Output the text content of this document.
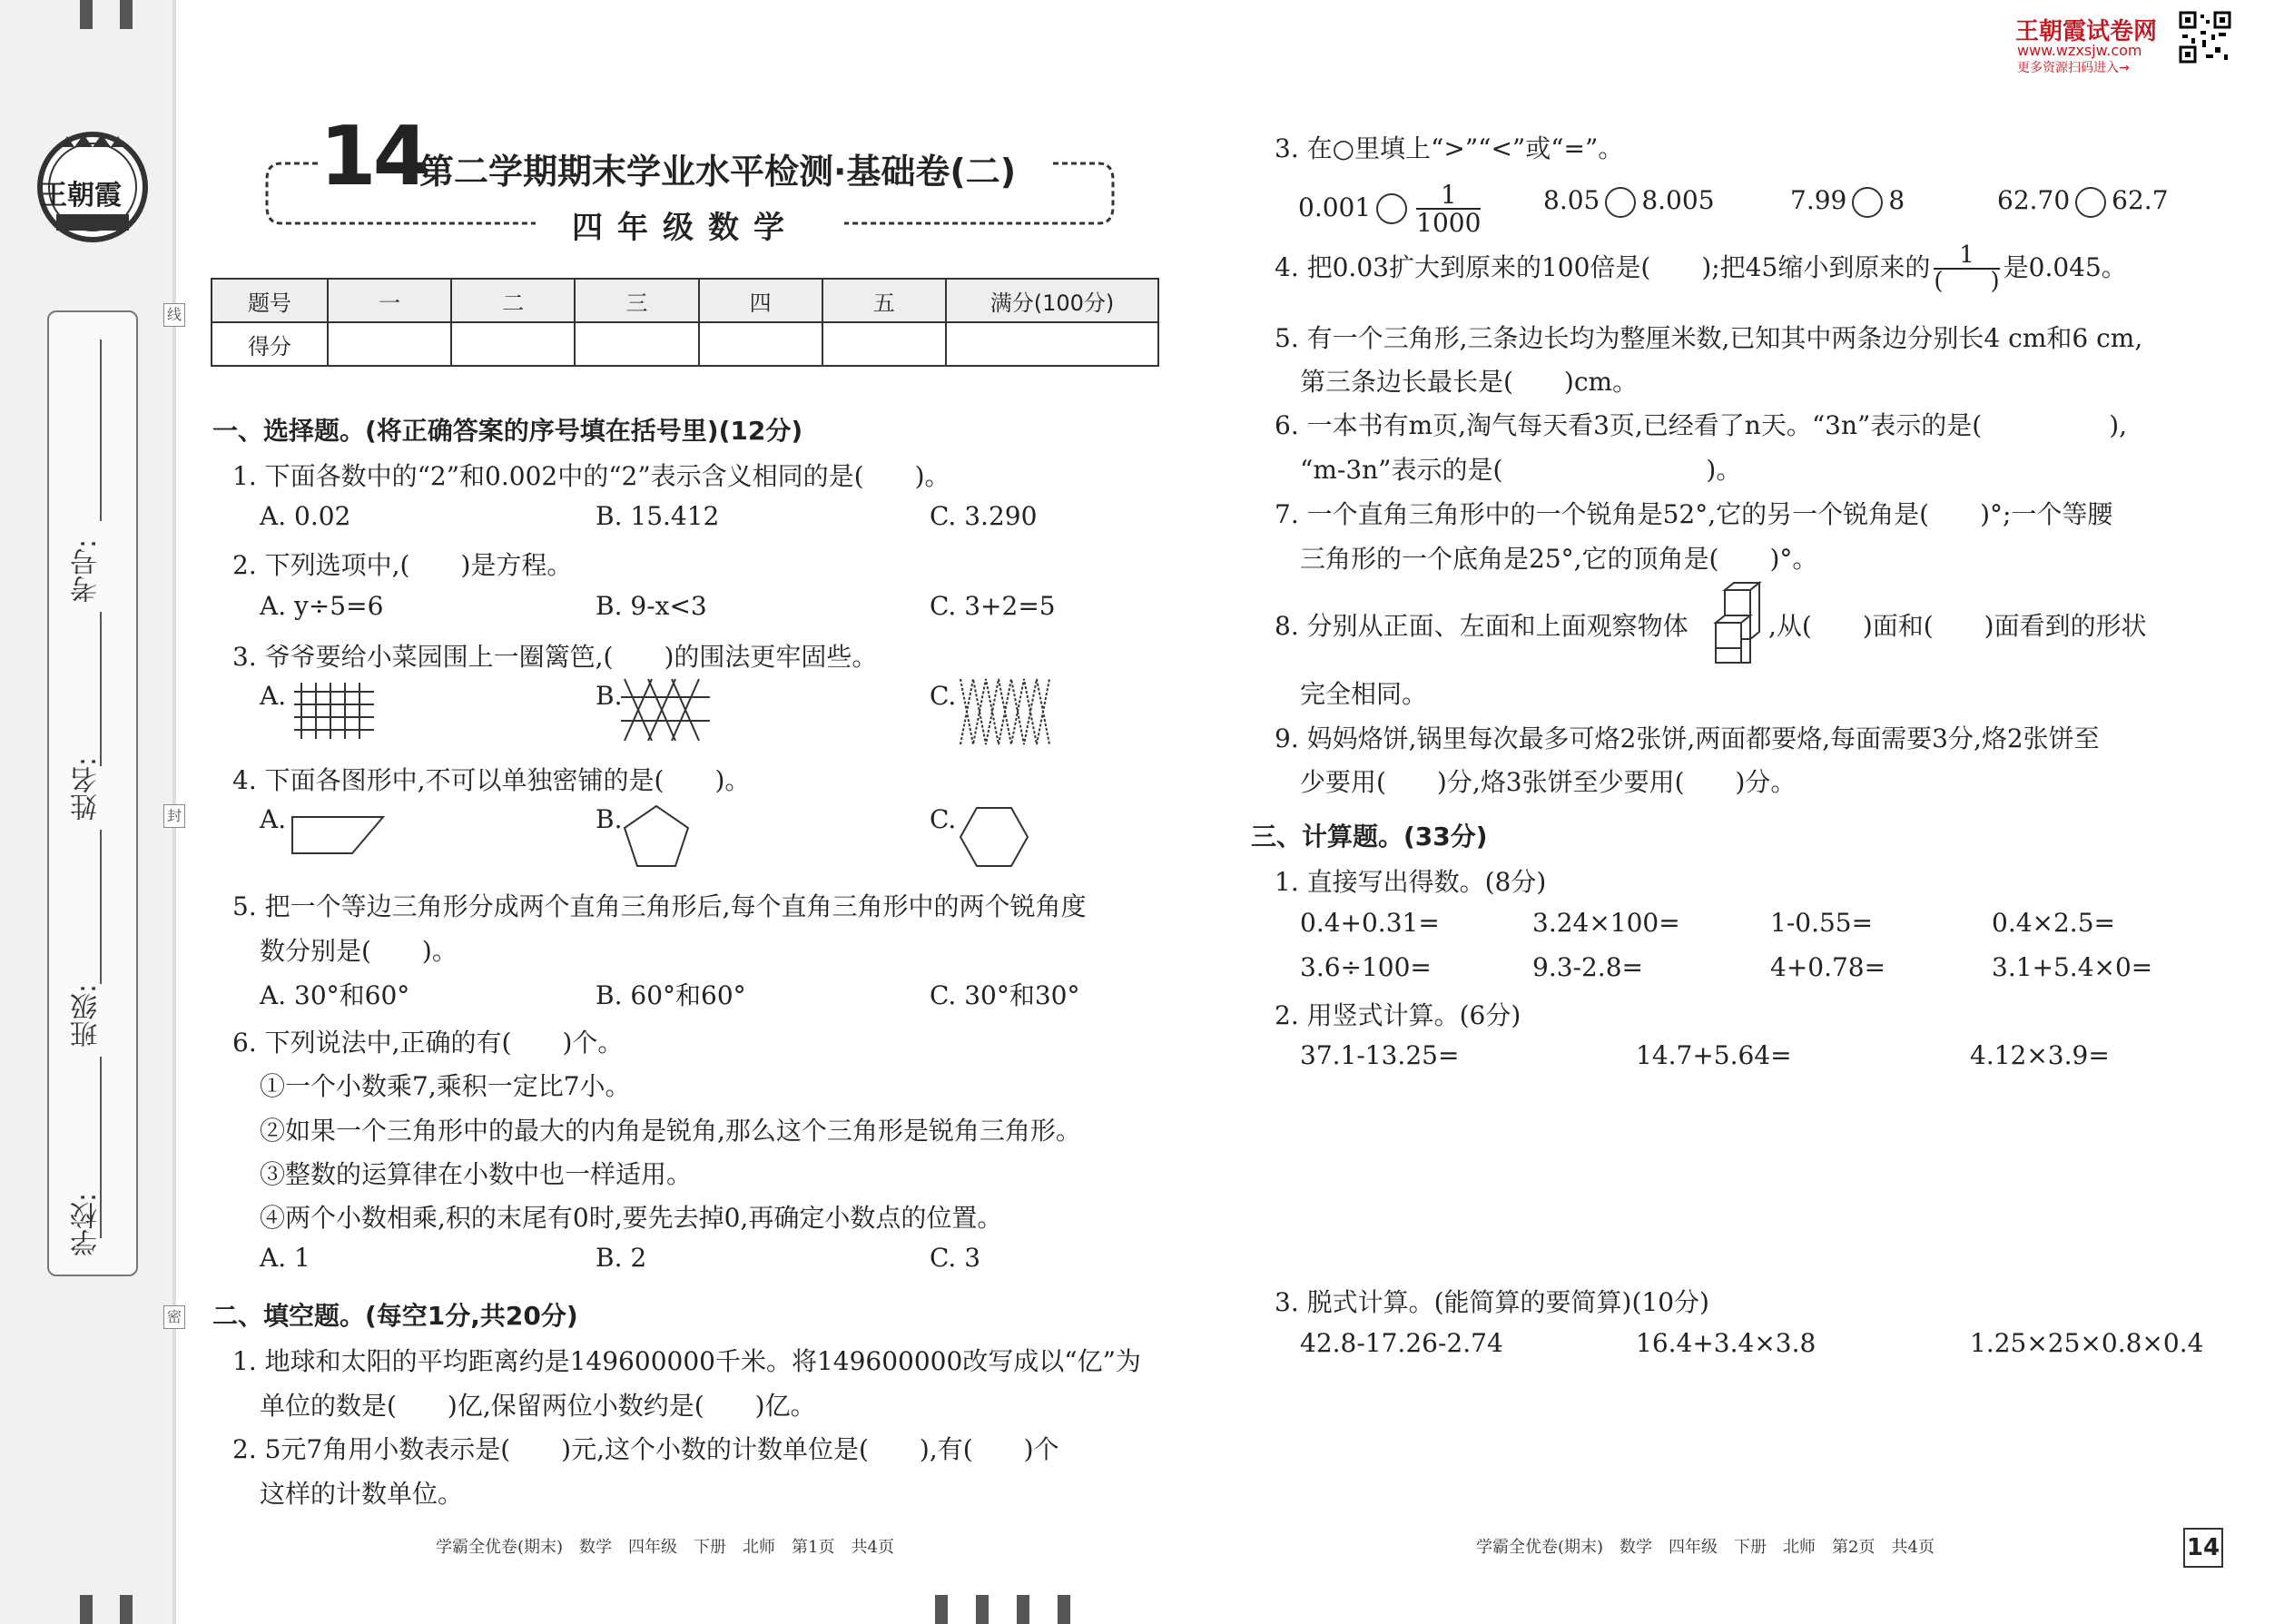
王朝霞
考号:
姓名:
班级:
学校:
线
封
密
14
第二学期期末学业水平检测·基础卷(二)
四年级数学
王朝霞试卷网
www.wzxsjw.com
更多资源扫码进入→
题号	一	二	三	四	五	满分(100分)
得分						
一、选择题。(将正确答案的序号填在括号里)(12分)
1. 下面各数中的“2”和0.002中的“2”表示含义相同的是(　　)。
A. 0.02	B. 15.412	C. 3.290
2. 下列选项中,(　　)是方程。
A. y÷5=6	B. 9-x<3	C. 3+2=5
3. 爷爷要给小菜园围上一圈篱笆,(　　)的围法更牢固些。
A.	B.	C.
4. 下面各图形中,不可以单独密铺的是(　　)。
A.	B.	C.
5. 把一个等边三角形分成两个直角三角形后,每个直角三角形中的两个锐角度
数分别是(　　)。
A. 30°和60°	B. 60°和60°	C. 30°和30°
6. 下列说法中,正确的有(　　)个。
①一个小数乘7,乘积一定比7小。
②如果一个三角形中的最大的内角是锐角,那么这个三角形是锐角三角形。
③整数的运算律在小数中也一样适用。
④两个小数相乘,积的末尾有0时,要先去掉0,再确定小数点的位置。
A. 1	B. 2	C. 3
二、填空题。(每空1分,共20分)
1. 地球和太阳的平均距离约是149600000千米。将149600000改写成以“亿”为
单位的数是(　　)亿,保留两位小数约是(　　)亿。
2. 5元7角用小数表示是(　　)元,这个小数的计数单位是(　　),有(　　)个
这样的计数单位。
学霸全优卷(期末)　数学　四年级　下册　北师　第1页　共4页
3. 在○里填上“>”“<”或“=”。
$0.001 \frac{1}{1000} 8.05$ 8.005	7.99 8	62.70 62.7
4. 把0.03扩大到原来的100倍是(　　);把45缩小到原来的 $\frac{1}{( )}$ 是0.045。
5. 有一个三角形,三条边长均为整厘米数,已知其中两条边分别长4 cm和6 cm,
第三条边长最长是(　　)cm。
6. 一本书有m页,淘气每天看3页,已经看了n天。“3n”表示的是(　　　　　),
“m-3n”表示的是(　　　　　　　　)。
7. 一个直角三角形中的一个锐角是52°,它的另一个锐角是(　　)°;一个等腰
三角形的一个底角是25°,它的顶角是(　　)°。
8. 分别从正面、左面和上面观察物体	,从(　　)面和(　　)面看到的形状
完全相同。
9. 妈妈烙饼,锅里每次最多可烙2张饼,两面都要烙,每面需要3分,烙2张饼至
少要用(　　)分,烙3张饼至少要用(　　)分。
三、计算题。(33分)
1. 直接写出得数。(8分)
0.4+0.31=	3.24×100=	1-0.55=	0.4×2.5=
3.6÷100=	9.3-2.8=	4+0.78=	3.1+5.4×0=
2. 用竖式计算。(6分)
37.1-13.25=	14.7+5.64=	4.12×3.9=
3. 脱式计算。(能简算的要简算)(10分)
42.8-17.26-2.74	16.4+3.4×3.8	1.25×25×0.8×0.4
学霸全优卷(期末)　数学　四年级　下册　北师　第2页　共4页	14
